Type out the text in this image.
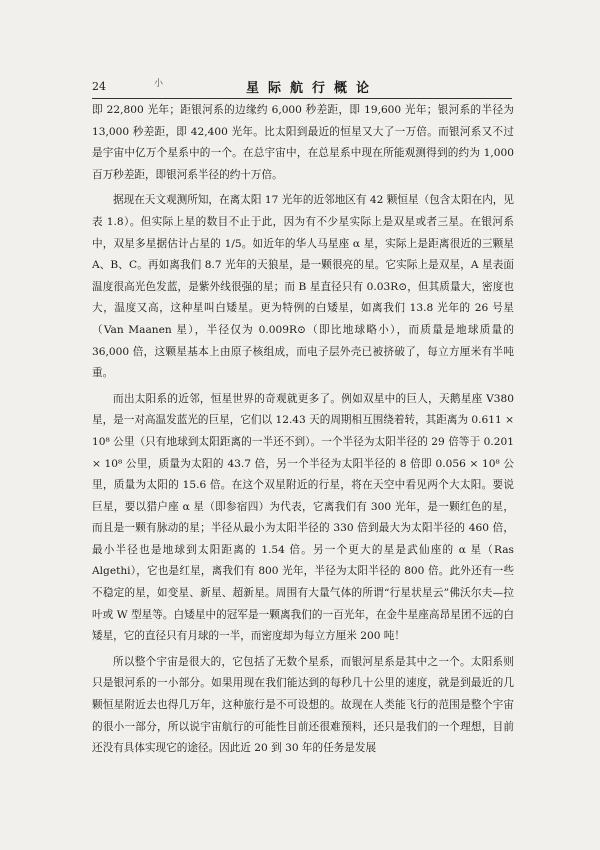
24	小	星际航行概论

即 22,800 光年；距银河系的边缘约 6,000 秒差距，即 19,600 光年；银河系的半径为 13,000 秒差距，即 42,400 光年。比太阳到最近的恒星又大了一万倍。而银河系又不过是宇宙中亿万个星系中的一个。在总宇宙中，在总星系中现在所能观测得到的约为 1,000 百万秒差距，即银河系半径的约十万倍。

据现在天文观测所知，在离太阳 17 光年的近邻地区有 42 颗恒星（包含太阳在内，见表 1.8）。但实际上星的数目不止于此，因为有不少星实际上是双星或者三星。在银河系中，双星多星据估计占星的 1/5。如近年的华人马星座 α 星，实际上是距离很近的三颗星 A、B、C。再如离我们 8.7 光年的天狼星，是一颗很亮的星。它实际上是双星，A 星表面温度很高光色发蓝，是紫外线很强的星；而 B 星直径只有 0.03R⊙，但其质量大，密度也大，温度又高，这种星叫白矮星。更为特例的白矮星，如离我们 13.8 光年的 26 号星（Van Maanen 星），半径仅为 0.009R⊙（即比地球略小），而质量是地球质量的 36,000 倍，这颗星基本上由原子核组成，而电子层外壳已被挤破了，每立方厘米有半吨重。

而出太阳系的近邻，恒星世界的奇观就更多了。例如双星中的巨人，天鹅星座 V380 星，是一对高温发蓝光的巨星，它们以 12.43 天的周期相互围绕着转，其距离为 0.611 × 10⁸ 公里（只有地球到太阳距离的一半还不到）。一个半径为太阳半径的 29 倍等于 0.201 × 10⁸ 公里，质量为太阳的 43.7 倍，另一个半径为太阳半径的 8 倍即 0.056 × 10⁸ 公里，质量为太阳的 15.6 倍。在这个双星附近的行星，将在天空中看见两个大太阳。要说巨星，要以猎户座 α 星（即参宿四）为代表，它离我们有 300 光年，是一颗红色的星，而且是一颗有脉动的星；半径从最小为太阳半径的 330 倍到最大为太阳半径的 460 倍，最小半径也是地球到太阳距离的 1.54 倍。另一个更大的星是武仙座的 α 星（Ras Algethi），它也是红星，离我们有 800 光年，半径为太阳半径的 800 倍。此外还有一些不稳定的星，如变星、新星、超新星。周围有大量气体的所谓“行星状星云”佛沃尔夫—拉叶或 W 型星等。白矮星中的冠军是一颗离我们的一百光年，在金牛星座高昂星团不远的白矮星，它的直径只有月球的一半，而密度却为每立方厘米 200 吨！

所以整个宇宙是很大的，它包括了无数个星系，而银河星系是其中之一个。太阳系则只是银河系的一小部分。如果用现在我们能达到的每秒几十公里的速度，就是到最近的几颗恒星附近去也得几万年，这种旅行是不可设想的。故现在人类能飞行的范围是整个宇宙的很小一部分，所以说宇宙航行的可能性目前还很难预料，还只是我们的一个理想，目前还没有具体实现它的途径。因此近 20 到 30 年的任务是发展
